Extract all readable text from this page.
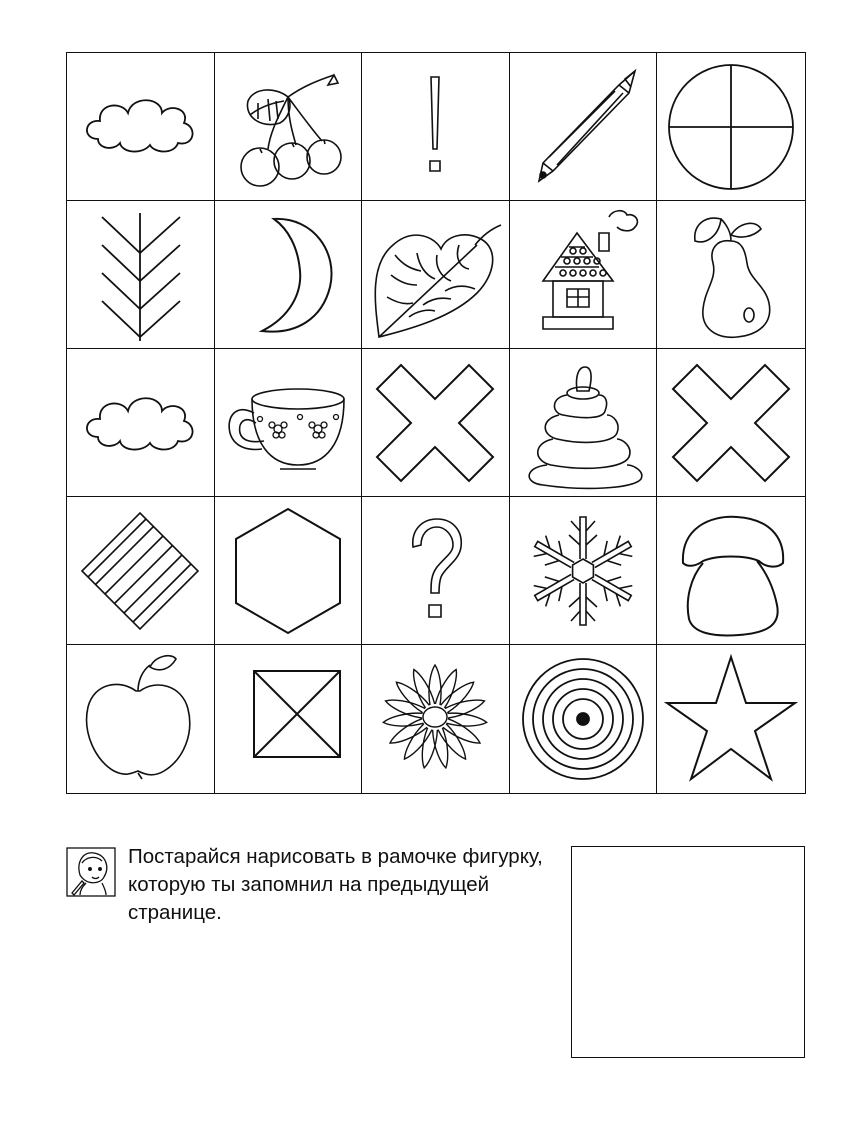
Постарайся нарисовать в рамочке фигурку, которую ты запомнил на предыдущей странице.
